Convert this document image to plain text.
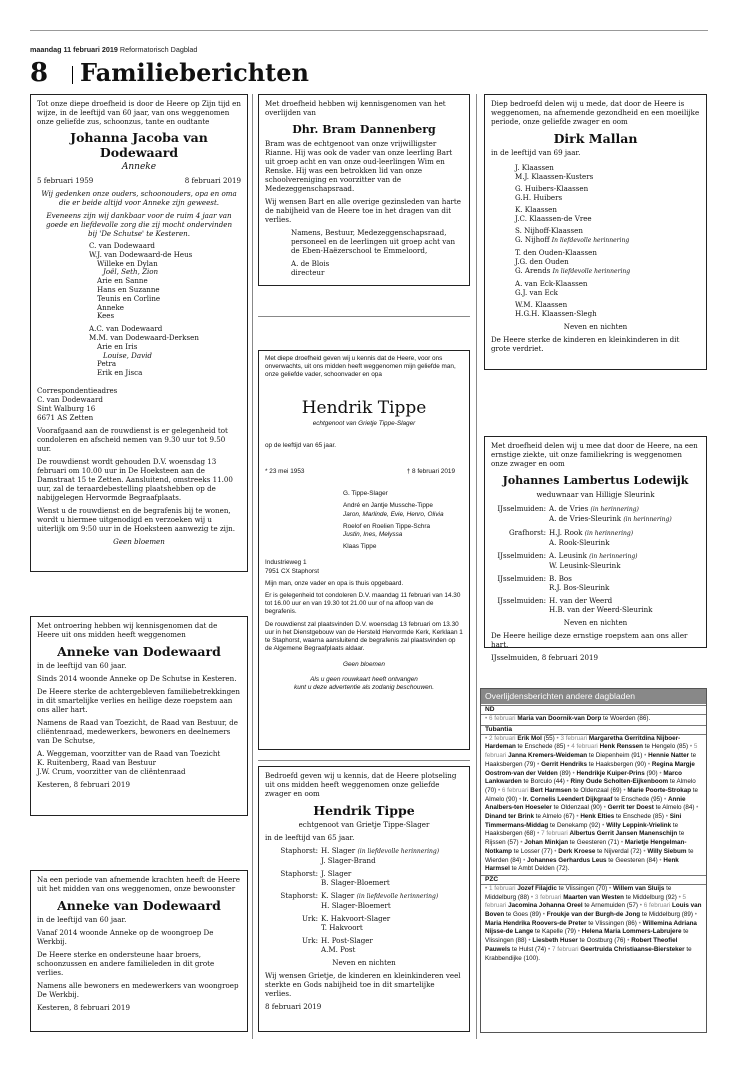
maandag 11 februari 2019 Reformatorisch Dagblad
8 Familieberichten

Tot onze diepe droefheid is door de Heere op Zijn tijd en wijze, in de leeftijd van 60 jaar, van ons weggenomen onze geliefde zus, schoonzus, tante en oudtante

Johanna Jacoba van Dodewaard
Anneke
5 februari 1959	8 februari 2019

Wij gedenken onze ouders, schoonouders, opa en oma die er beide altijd voor Anneke zijn geweest.

Eveneens zijn wij dankbaar voor de ruim 4 jaar van goede en liefdevolle zorg die zij mocht ondervinden bij 'De Schutse' te Kesteren.

C. van Dodewaard
W.J. van Dodewaard-de Heus
Willeke en Dylan
Joël, Seth, Zion
Arie en Sanne
Hans en Suzanne
Teunis en Corline
Anneke
Kees
A.C. van Dodewaard
M.M. van Dodewaard-Derksen
Arie en Iris
Louise, David
Petra
Erik en Jisca
Correspondentieadres
C. van Dodewaard
Sint Walburg 16
6671 AS Zetten

Voorafgaand aan de rouwdienst is er gelegenheid tot condoleren en afscheid nemen van 9.30 uur tot 9.50 uur.

De rouwdienst wordt gehouden D.V. woensdag 13 februari om 10.00 uur in De Hoeksteen aan de Damstraat 15 te Zetten. Aansluitend, omstreeks 11.00 uur, zal de teraardebestelling plaatshebben op de nabijgelegen Hervormde Begraafplaats.

Wenst u de rouwdienst en de begrafenis bij te wonen, wordt u hiermee uitgenodigd en verzoeken wij u uiterlijk om 9:50 uur in de Hoeksteen aanwezig te zijn.

Geen bloemen

Met ontroering hebben wij kennisgenomen dat de Heere uit ons midden heeft weggenomen

Anneke van Dodewaard

in de leeftijd van 60 jaar.

Sinds 2014 woonde Anneke op De Schutse in Kesteren.

De Heere sterke de achtergebleven familiebetrekkingen in dit smartelijke verlies en heilige deze roepstem aan ons aller hart.

Namens de Raad van Toezicht, de Raad van Bestuur, de cliëntenraad, medewerkers, bewoners en deelnemers van De Schutse,

A. Weggeman, voorzitter van de Raad van Toezicht
K. Ruitenberg, Raad van Bestuur
J.W. Crum, voorzitter van de cliëntenraad
Kesteren, 8 februari 2019

Na een periode van afnemende krachten heeft de Heere uit het midden van ons weggenomen, onze bewoonster

Anneke van Dodewaard

in de leeftijd van 60 jaar.

Vanaf 2014 woonde Anneke op de woongroep De Werkbij.

De Heere sterke en ondersteune haar broers, schoonzussen en andere familieleden in dit grote verlies.

Namens alle bewoners en medewerkers van woongroep De Werkbij.

Kesteren, 8 februari 2019

Met droefheid hebben wij kennisgenomen van het overlijden van

Dhr. Bram Dannenberg

Bram was de echtgenoot van onze vrijwilligster Rianne. Hij was ook de vader van onze leerling Bart uit groep acht en van onze oud-leerlingen Wim en Renske. Hij was een betrokken lid van onze schoolvereniging en voorzitter van de Medezeggenschapsraad.

Wij wensen Bart en alle overige gezinsleden van harte de nabijheid van de Heere toe in het dragen van dit verlies.

Namens, Bestuur, Medezeggenschapsraad, personeel en de leerlingen uit groep acht van de Eben-Haëzerschool te Emmeloord,

A. de Blois
directeur

Met diepe droefheid geven wij u kennis dat de Heere, voor ons onverwachts, uit ons midden heeft weggenomen mijn geliefde man, onze geliefde vader, schoonvader en opa

Hendrik Tippe
echtgenoot van Grietje Tippe-Slager

op de leeftijd van 65 jaar.

* 23 mei 1953	† 8 februari 2019
G. Tippe-Slager
André en Jantje Mussche-Tippe
Jaron, Marlinde, Evie, Henro, Olivia
Roelof en Roelien Tippe-Schra
Justin, Ines, Melyssa
Klaas Tippe
Industrieweg 1
7951 CX Staphorst

Mijn man, onze vader en opa is thuis opgebaard.

Er is gelegenheid tot condoleren D.V. maandag 11 februari van 14.30 tot 16.00 uur en van 19.30 tot 21.00 uur of na afloop van de begrafenis.

De rouwdienst zal plaatsvinden D.V. woensdag 13 februari om 13.30 uur in het Dienstgebouw van de Hersteld Hervormde Kerk, Kerklaan 1 te Staphorst, waarna aansluitend de begrafenis zal plaatsvinden op de Algemene Begraafplaats aldaar.

Geen bloemen
Als u geen rouwkaart heeft ontvangen
kunt u deze advertentie als zodanig beschouwen.

Bedroefd geven wij u kennis, dat de Heere plotseling uit ons midden heeft weggenomen onze geliefde zwager en oom

Hendrik Tippe
echtgenoot van Grietje Tippe-Slager

in de leeftijd van 65 jaar.

Staphorst: H. Slager (in liefdevolle herinnering)
J. Slager-Brand
Staphorst: J. Slager
B. Slager-Bloemert
Staphorst: K. Slager (in liefdevolle herinnering)
H. Slager-Bloemert
Urk: K. Hakvoort-Slager
T. Hakvoort
Urk: H. Post-Slager
A.M. Post
Neven en nichten

Wij wensen Grietje, de kinderen en kleinkinderen veel sterkte en Gods nabijheid toe in dit smartelijke verlies.

8 februari 2019

Diep bedroefd delen wij u mede, dat door de Heere is weggenomen, na afnemende gezondheid en een moeilijke periode, onze geliefde zwager en oom

Dirk Mallan

in de leeftijd van 69 jaar.

J. Klaassen
M.J. Klaassen-Kusters
G. Huibers-Klaassen
G.H. Huibers
K. Klaassen
J.C. Klaassen-de Vree
S. Nijhoff-Klaassen
G. Nijhoff In liefdevolle herinnering
T. den Ouden-Klaassen
J.G. den Ouden
G. Arends In liefdevolle herinnering
A. van Eck-Klaassen
G.J. van Eck
W.M. Klaassen
H.G.H. Klaassen-Slegh
Neven en nichten

De Heere sterke de kinderen en kleinkinderen in dit grote verdriet.

Met droefheid delen wij u mee dat door de Heere, na een ernstige ziekte, uit onze familiekring is weggenomen onze zwager en oom

Johannes Lambertus Lodewijk
weduwnaar van Hilligje Sleurink
IJsselmuiden: A. de Vries (in herinnering)
A. de Vries-Sleurink (in herinnering)
Grafhorst: H.J. Rook (in herinnering)
A. Rook-Sleurink
IJsselmuiden: A. Leusink (in herinnering)
W. Leusink-Sleurink
IJsselmuiden: B. Bos
R.J. Bos-Sleurink
IJsselmuiden: H. van der Weerd
H.B. van der Weerd-Sleurink
Neven en nichten

De Heere heilige deze ernstige roepstem aan ons aller hart.

IJsselmuiden, 8 februari 2019
Overlijdensberichten andere dagbladen
ND
• 6 februari Maria van Doornik-van Dorp te Woerden (86).
Tubantia
• 2 februari Erik Mol (55) • 3 februari Margaretha Gerritdina Nijboer-Hardeman te Enschede (85) • 4 februari Henk Renssen te Hengelo (85) • 5 februari Janna Kremers-Weideman te Diepenheim (91) • Hennie Natter te Haaksbergen (79) • Gerrit Hendriks te Haaksbergen (90) • Regina Margje Oostrom-van der Velden (89) • Hendrikje Kuiper-Prins (90) • Marco Lankwarden te Borculo (44) • Riny Oude Scholten-Eijkenboom te Almelo (70) • 6 februari Bert Harmsen te Oldenzaal (69) • Marie Poorte-Strokap te Almelo (90) • Ir. Cornelis Leendert Dijkgraaf te Enschede (95) • Annie Analbers-ten Hoeseler te Oldenzaal (90) • Gerrit ter Doest te Almelo (84) • Dinand ter Brink te Almelo (67) • Henk Elties te Enschede (85) • Sini Timmermans-Middag te Denekamp (92) • Willy Leppink-Vrielink te Haaksbergen (68) • 7 februari Albertus Gerrit Jansen Manenschijn te Rijssen (57) • Johan Minkjan te Geesteren (71) • Marietje Hengelman-Notkamp te Losser (77) • Derk Kroese te Nijverdal (72) • Willy Siebum te Wierden (84) • Johannes Gerhardus Leus te Geesteren (84) • Henk Harmsel te Ambt Delden (72).
PZC
• 1 februari Jozef Filajdic te Vlissingen (70) • Willem van Sluijs te Middelburg (88) • 3 februari Maarten van Westen te Middelburg (92) • 5 februari Jacomina Johanna Oreel te Arnemuiden (57) • 6 februari Louis van Boven te Goes (89) • Froukje van der Burgh-de Jong te Middelburg (89) • Maria Hendrika Roovers-de Preter te Vlissingen (86) • Willemina Adriana Nijsse-de Lange te Kapelle (79) • Helena Maria Lommers-Labrujere te Vlissingen (88) • Liesbeth Huser te Oostburg (76) • Robert Theofiel Pauwels te Hulst (74) • 7 februari Geertruida Christiaanse-Biersteker te Krabbendijke (100).
